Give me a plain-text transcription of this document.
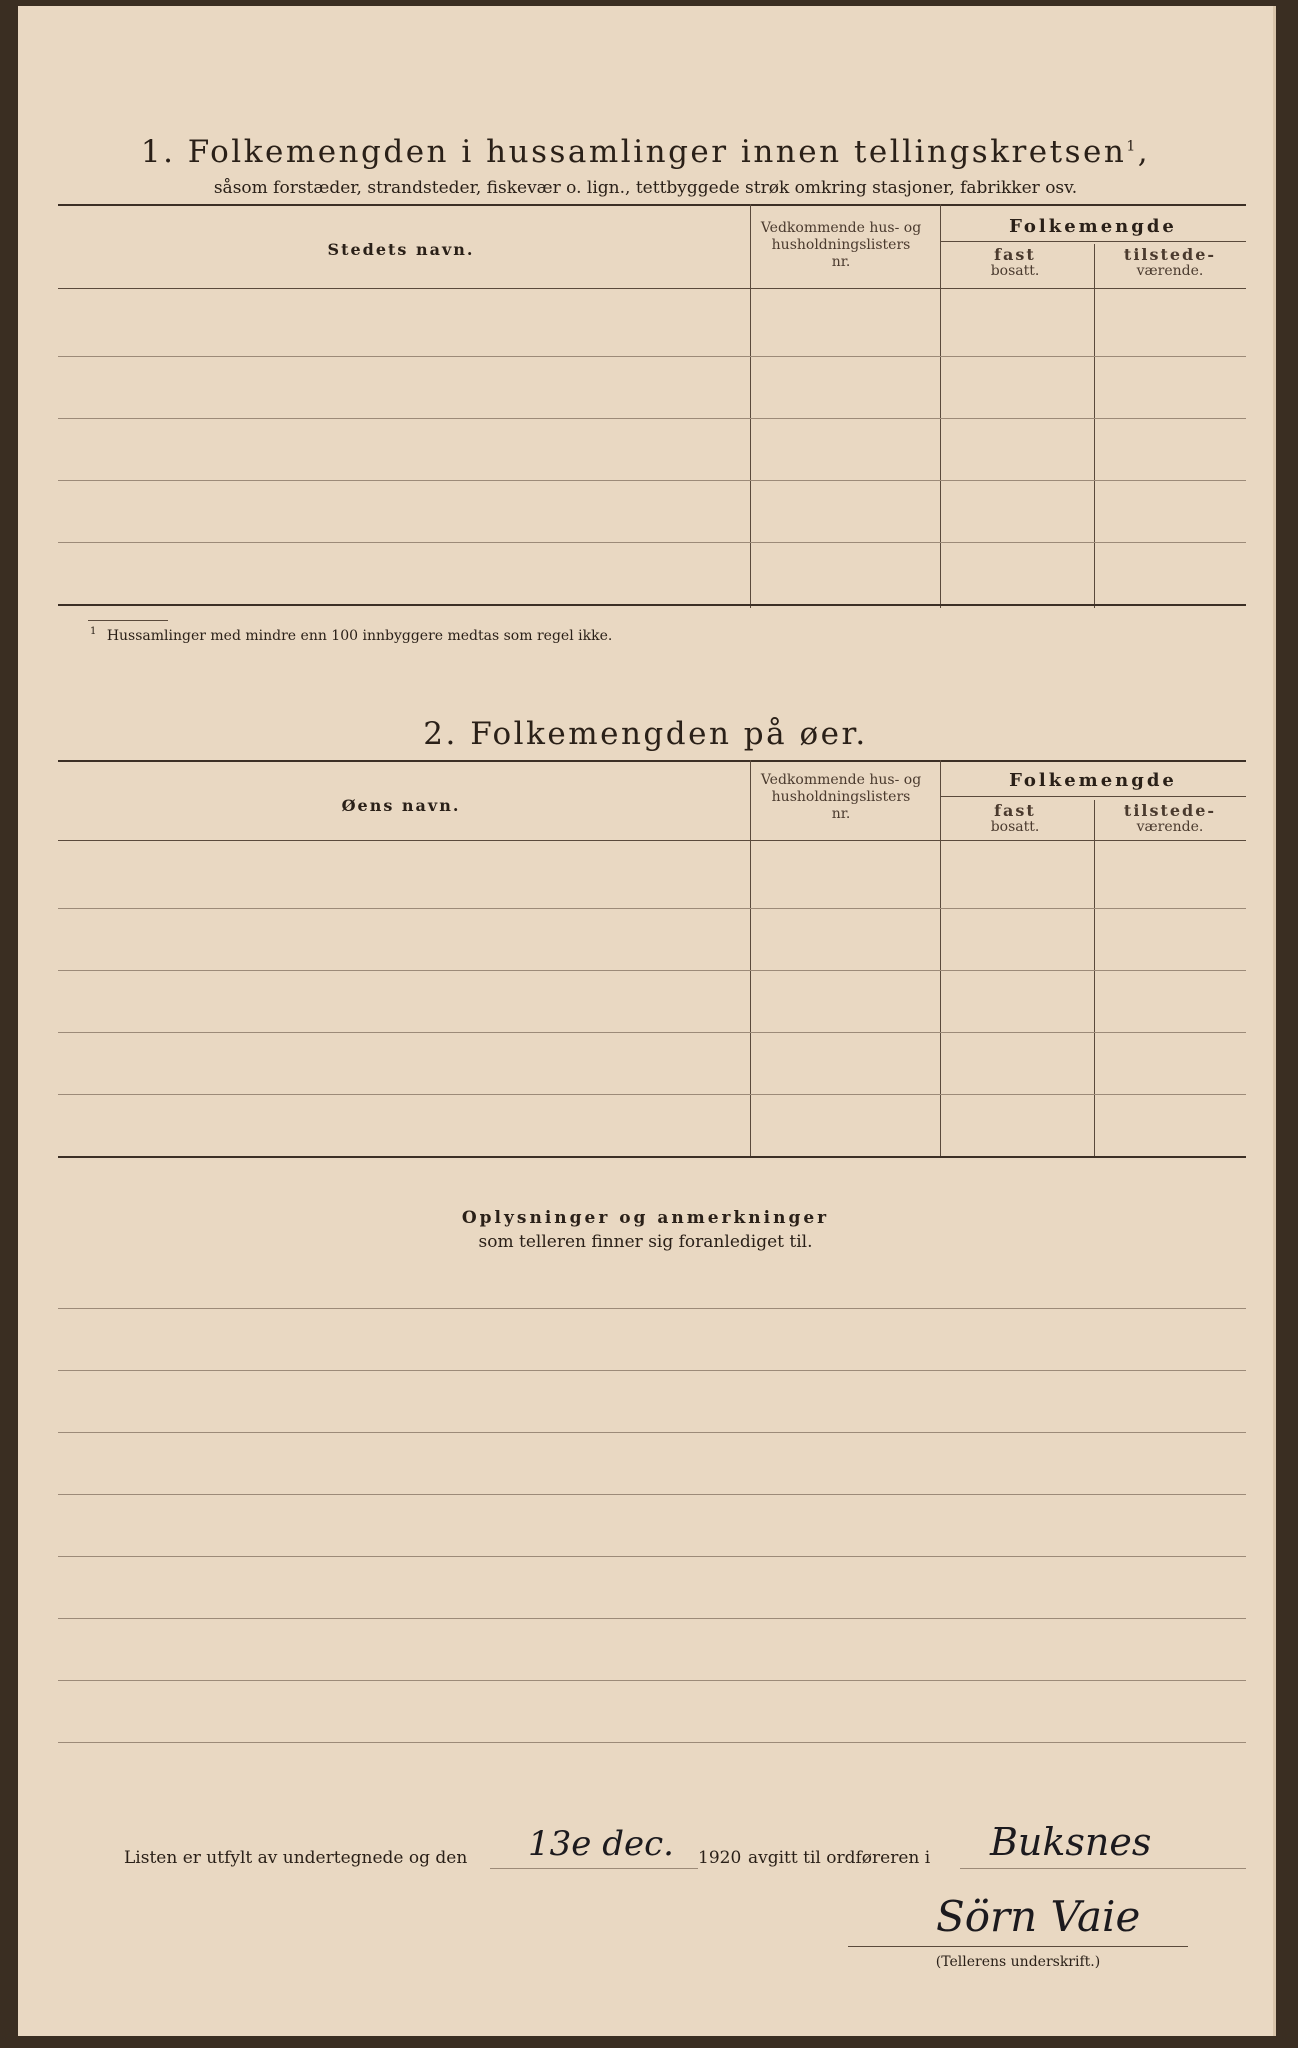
1. Folkemengden i hussamlinger innen tellingskretsen$^1$,
såsom forstæder, strandsteder, fiskevær o. lign., tettbyggede strøk omkring stasjoner, fabrikker osv.
Stedets navn.
Vedkommende hus- og
husholdningslisters
nr.
Folkemengde
fast
bosatt.
tilstede-
værende.
$^1$ Hussamlinger med mindre enn 100 innbyggere medtas som regel ikke.
2. Folkemengden på øer.
Øens navn.
Vedkommende hus- og
husholdningslisters
nr.
Folkemengde
fast
bosatt.
tilstede-
værende.
Oplysninger og anmerkninger
som telleren finner sig foranlediget til.
Listen er utfylt av undertegnede og den 13e dec. 1920 avgitt til ordføreren i Buksnes
Sörn Vaie
(Tellerens underskrift.)
